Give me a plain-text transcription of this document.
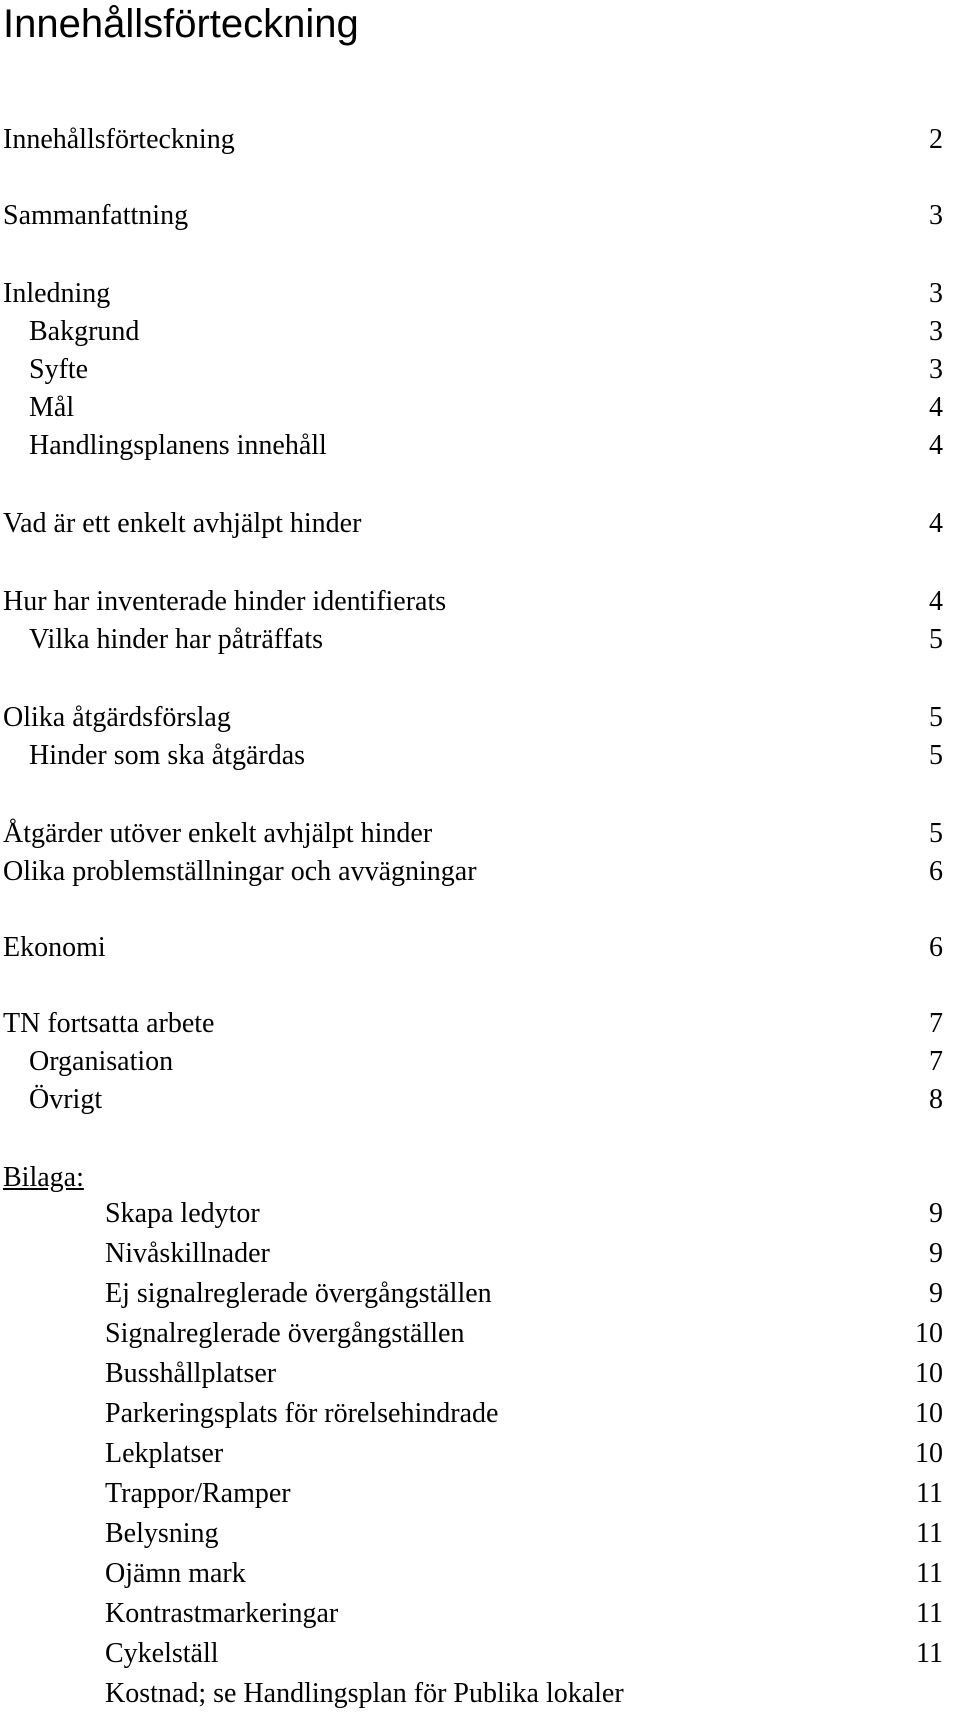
Innehållsförteckning
Innehållsförteckning	2
Sammanfattning	3
Inledning	3
Bakgrund	3
Syfte	3
Mål	4
Handlingsplanens innehåll	4
Vad är ett enkelt avhjälpt hinder	4
Hur har inventerade hinder identifierats	4
Vilka hinder har påträffats	5
Olika åtgärdsförslag	5
Hinder som ska åtgärdas	5
Åtgärder utöver enkelt avhjälpt hinder	5
Olika problemställningar och avvägningar	6
Ekonomi	6
TN fortsatta arbete	7
Organisation	7
Övrigt	8
Bilaga:
Skapa ledytor	9
Nivåskillnader	9
Ej signalreglerade övergångställen	9
Signalreglerade övergångställen	10
Busshållplatser	10
Parkeringsplats för rörelsehindrade	10
Lekplatser	10
Trappor/Ramper	11
Belysning	11
Ojämn mark	11
Kontrastmarkeringar	11
Cykelställ	11
Kostnad; se Handlingsplan för Publika lokaler
